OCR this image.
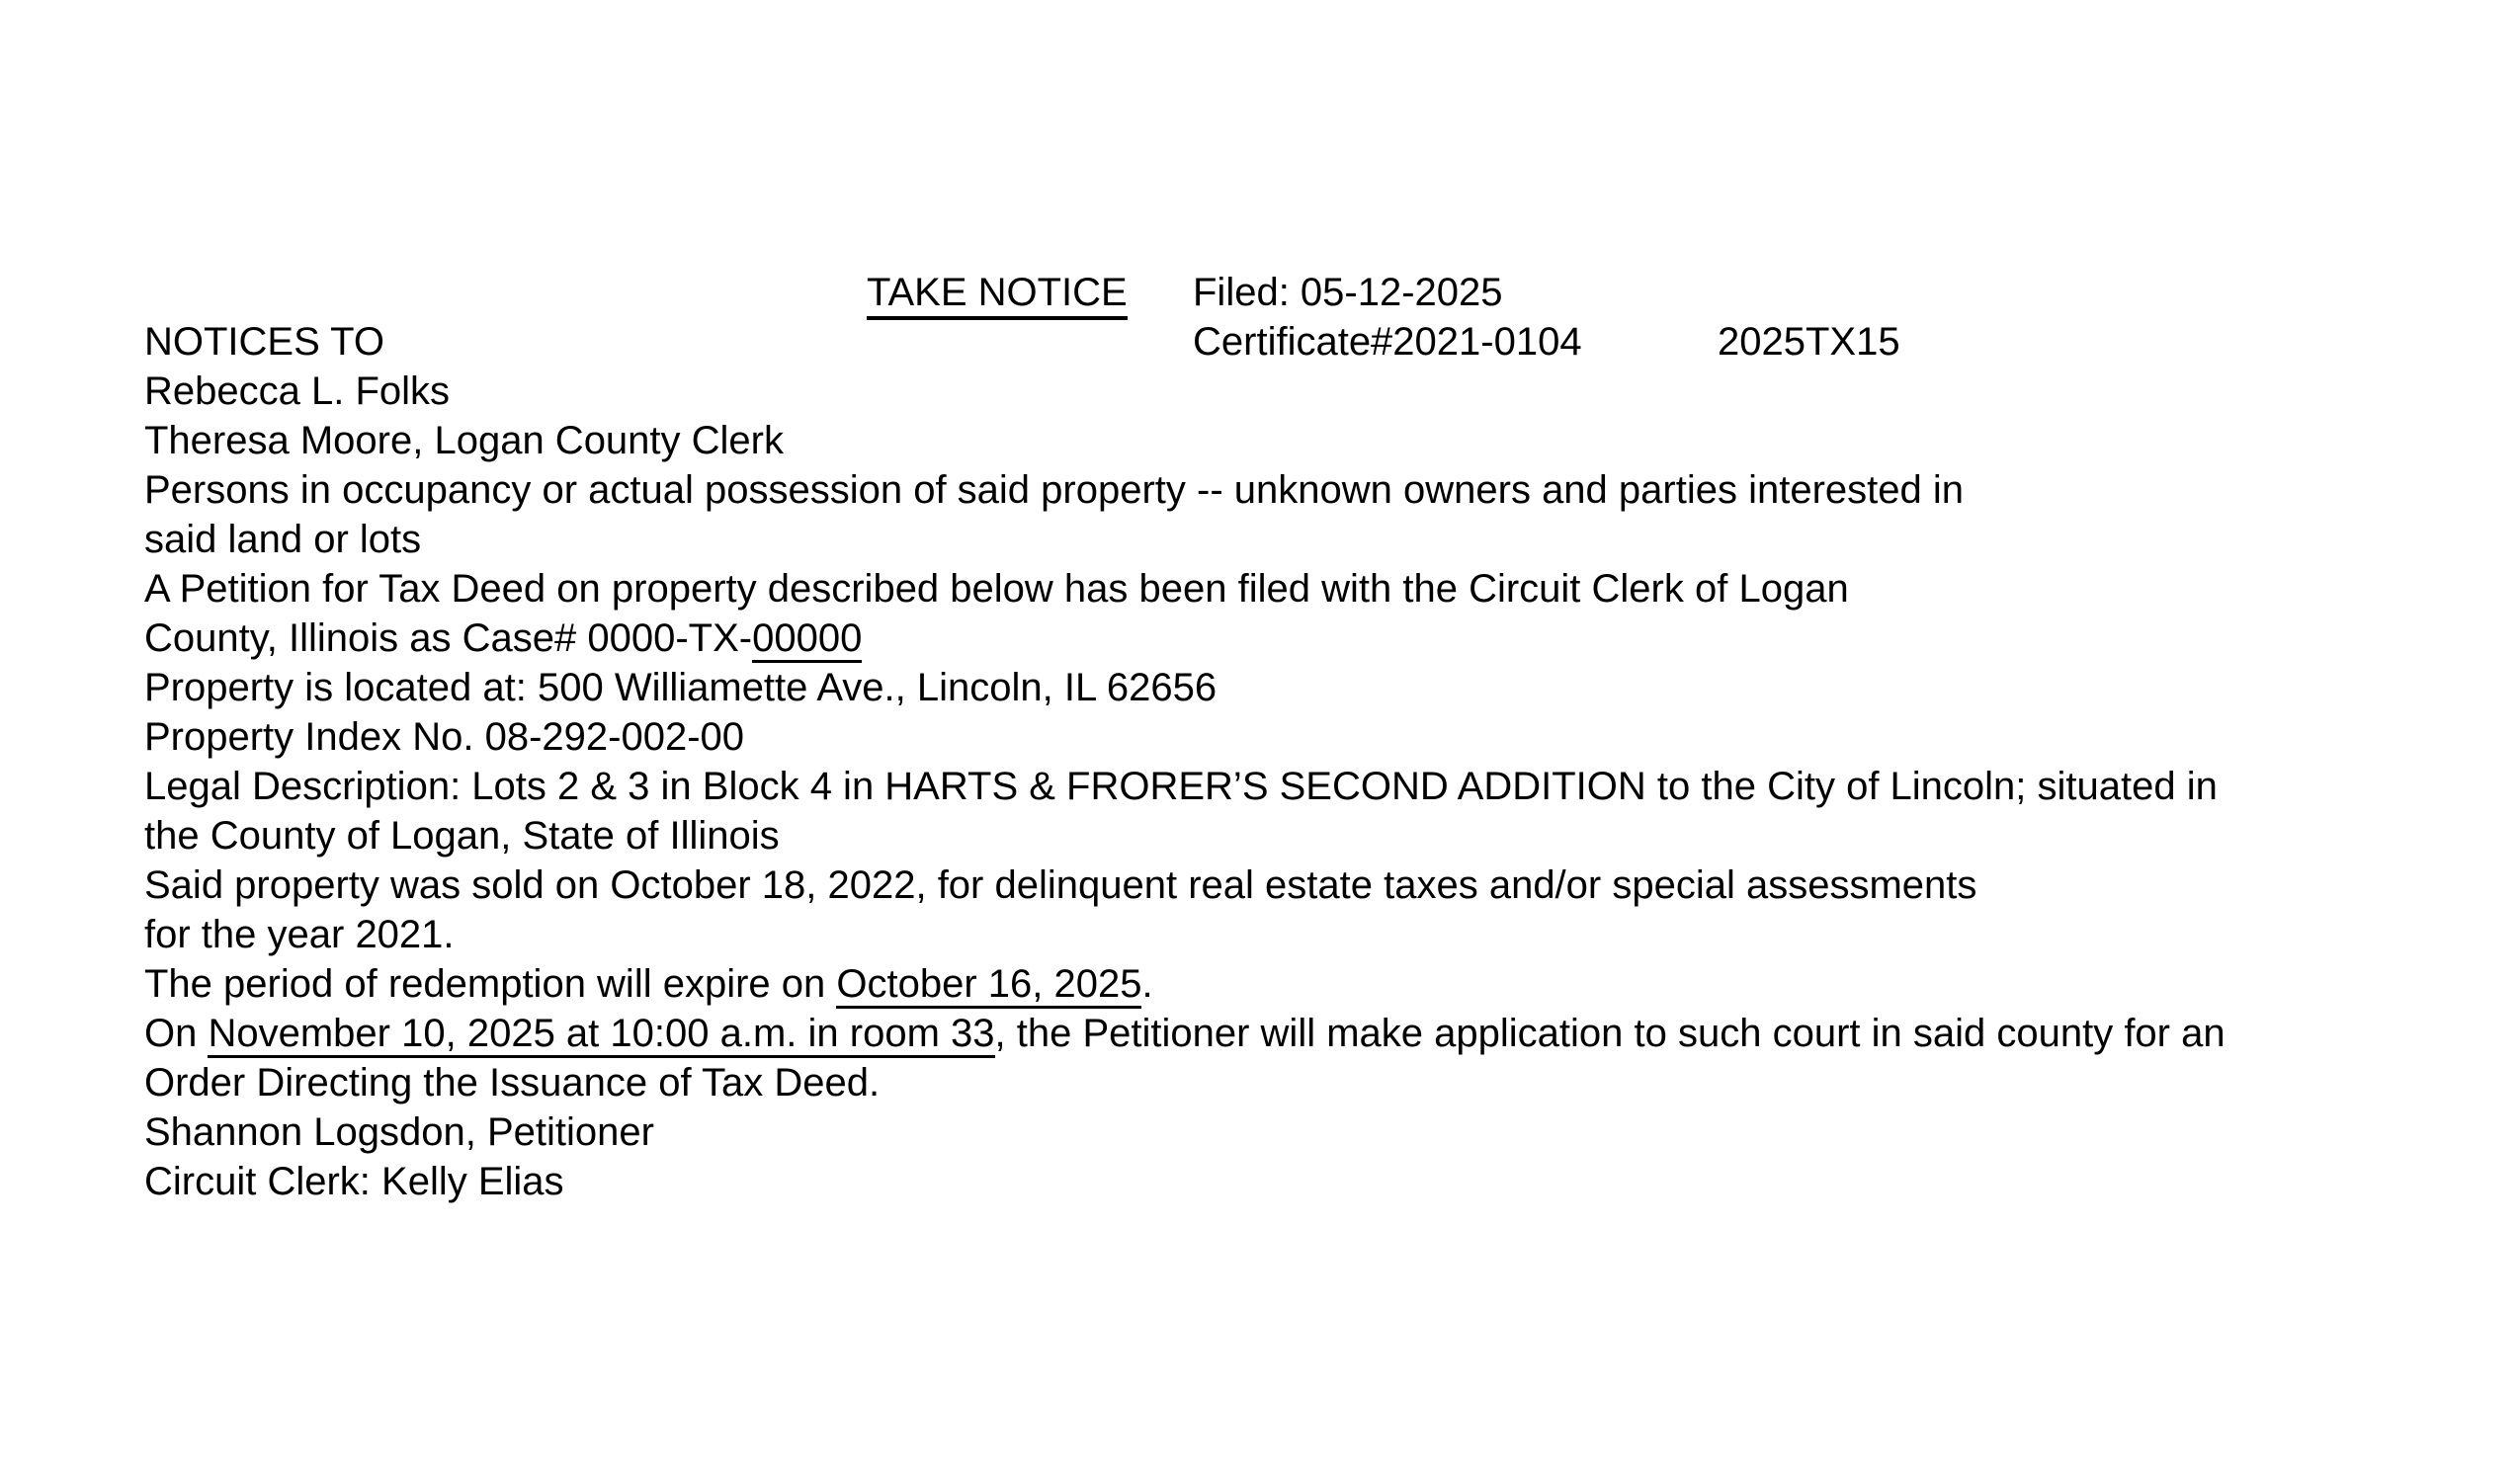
TAKE NOTICE Filed: 05-12-2025
NOTICES TO	Certificate#2021-0104	2025TX15
Rebecca L. Folks
Theresa Moore, Logan County Clerk
Persons in occupancy or actual possession of said property -- unknown owners and parties interested in
said land or lots
A Petition for Tax Deed on property described below has been filed with the Circuit Clerk of Logan
County, Illinois as Case# 0000-TX-00000
Property is located at: 500 Williamette Ave., Lincoln, IL 62656
Property Index No. 08-292-002-00
Legal Description: Lots 2 & 3 in Block 4 in HARTS & FRORER’S SECOND ADDITION to the City of Lincoln; situated in
the County of Logan, State of Illinois
Said property was sold on October 18, 2022, for delinquent real estate taxes and/or special assessments
for the year 2021.
The period of redemption will expire on October 16, 2025.
On November 10, 2025 at 10:00 a.m. in room 33, the Petitioner will make application to such court in said county for an
Order Directing the Issuance of Tax Deed.
Shannon Logsdon, Petitioner
Circuit Clerk: Kelly Elias
